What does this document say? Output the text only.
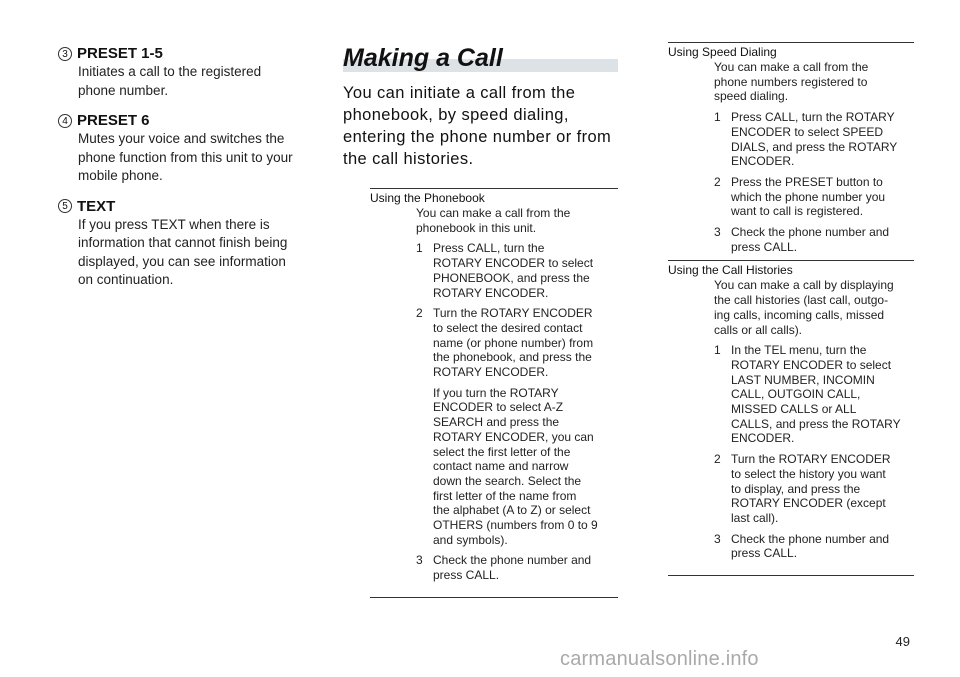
3 PRESET 1-5
Initiates a call to the registered
phone number.
4 PRESET 6
Mutes your voice and switches the
phone function from this unit to your
mobile phone.
5 TEXT
If you press TEXT when there is
information that cannot finish being
displayed, you can see information
on continuation.
Making a Call
You can initiate a call from the
phonebook, by speed dialing,
entering the phone number or from
the call histories.
Using the Phonebook
You can make a call from the
phonebook in this unit.
1 Press CALL, turn the
ROTARY ENCODER to select
PHONEBOOK, and press the
ROTARY ENCODER.
2 Turn the ROTARY ENCODER
to select the desired contact
name (or phone number) from
the phonebook, and press the
ROTARY ENCODER.
If you turn the ROTARY
ENCODER to select A-Z
SEARCH and press the
ROTARY ENCODER, you can
select the first letter of the
contact name and narrow
down the search. Select the
first letter of the name from
the alphabet (A to Z) or select
OTHERS (numbers from 0 to 9
and symbols).
3 Check the phone number and
press CALL.
Using Speed Dialing
You can make a call from the
phone numbers registered to
speed dialing.
1 Press CALL, turn the ROTARY
ENCODER to select SPEED
DIALS, and press the ROTARY
ENCODER.
2 Press the PRESET button to
which the phone number you
want to call is registered.
3 Check the phone number and
press CALL.
Using the Call Histories
You can make a call by displaying
the call histories (last call, outgo-
ing calls, incoming calls, missed
calls or all calls).
1 In the TEL menu, turn the
ROTARY ENCODER to select
LAST NUMBER, INCOMIN
CALL, OUTGOIN CALL,
MISSED CALLS or ALL
CALLS, and press the ROTARY
ENCODER.
2 Turn the ROTARY ENCODER
to select the history you want
to display, and press the
ROTARY ENCODER (except
last call).
3 Check the phone number and
press CALL.
49
carmanualsonline.info
